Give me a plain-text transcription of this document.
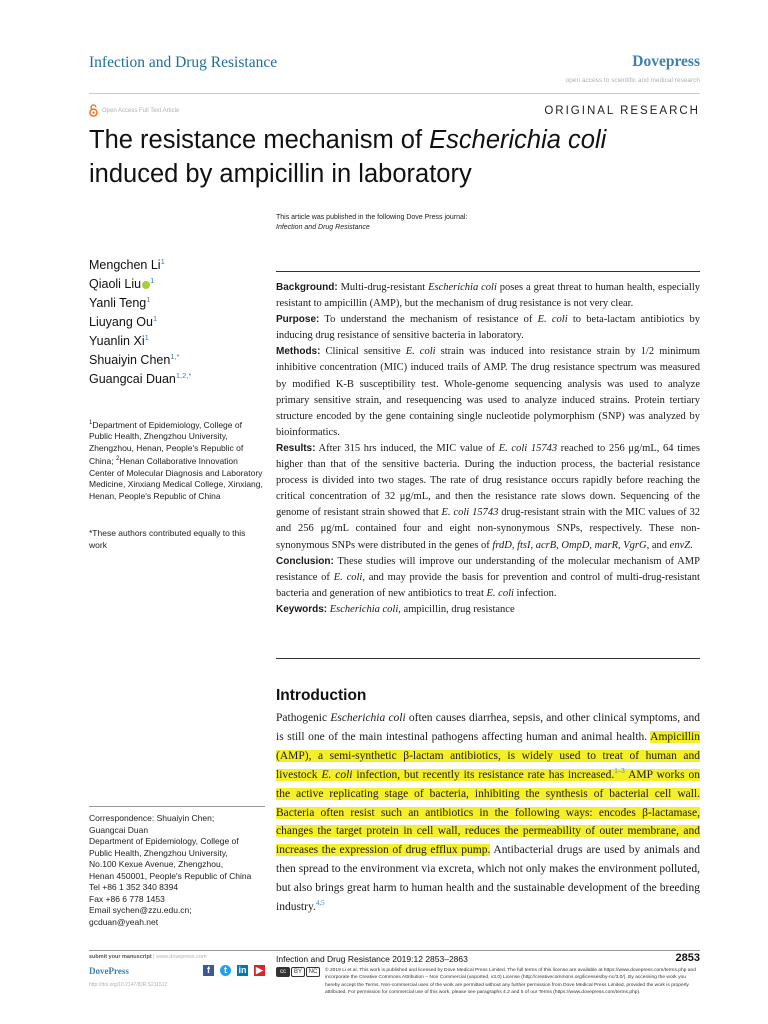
Infection and Drug Resistance	Dovepress
open access to scientific and medical research
Open Access Full Text Article	ORIGINAL RESEARCH
The resistance mechanism of Escherichia coli
induced by ampicillin in laboratory
This article was published in the following Dove Press journal:
Infection and Drug Resistance
Mengchen Li$^1$
Qiaoli Liu $^1$
Yanli Teng$^1$
Liuyang Ou$^1$
Yuanlin Xi$^1$
Shuaiyin Chen$^{1,*}$
Guangcai Duan$^{1,2,*}$
$^1$Department of Epidemiology, College of Public Health, Zhengzhou University, Zhengzhou, Henan, People's Republic of China; $^2$Henan Collaborative Innovation Center of Molecular Diagnosis and Laboratory Medicine, Xinxiang Medical College, Xinxiang, Henan, People's Republic of China
*These authors contributed equally to this work
Correspondence: Shuaiyin Chen;
Guangcai Duan
Department of Epidemiology, College of
Public Health, Zhengzhou University,
No.100 Kexue Avenue, Zhengzhou,
Henan 450001, People's Republic of China
Tel +86 1 352 340 8394
Fax +86 6 778 1453
Email sychen@zzu.edu.cn;
gcduan@yeah.net

Background: Multi-drug-resistant Escherichia coli poses a great threat to human health, especially resistant to ampicillin (AMP), but the mechanism of drug resistance is not very clear.

Purpose: To understand the mechanism of resistance of E. coli to beta-lactam antibiotics by inducing drug resistance of sensitive bacteria in laboratory.

Methods: Clinical sensitive E. coli strain was induced into resistance strain by 1/2 minimum inhibitive concentration (MIC) induced trails of AMP. The drug resistance spectrum was measured by modified K-B susceptibility test. Whole-genome sequencing analysis was used to analyze primary sensitive strain, and resequencing was used to analyze induced strains. Protein tertiary structure encoded by the gene containing single nucleotide polymorphism (SNP) was analyzed by bioinformatics.

Results: After 315 hrs induced, the MIC value of E. coli 15743 reached to 256 μg/mL, 64 times higher than that of the sensitive bacteria. During the induction process, the bacterial resistance process is divided into two stages. The rate of drug resistance occurs rapidly before reaching the critical concentration of 32 μg/mL, and then the resistance rate slows down. Sequencing of the genome of resistant strain showed that E. coli 15743 drug-resistant strain with the MIC values of 32 and 256 μg/mL contained four and eight non-synonymous SNPs, respectively. These non-synonymous SNPs were distributed in the genes of frdD, ftsI, acrB, OmpD, marR, VgrG, and envZ.

Conclusion: These studies will improve our understanding of the molecular mechanism of AMP resistance of E. coli, and may provide the basis for prevention and control of multi-drug-resistant bacteria and generation of new antibiotics to treat E. coli infection.

Keywords: Escherichia coli, ampicillin, drug resistance

Introduction
Pathogenic Escherichia coli often causes diarrhea, sepsis, and other clinical symptoms, and is still one of the main intestinal pathogens affecting human and animal health. Ampicillin (AMP), a semi-synthetic β-lactam antibiotics, is widely used to treat of human and livestock E. coli infection, but recently its resistance rate has increased.$^{1-3}$ AMP works on the active replicating stage of bacteria, inhibiting the synthesis of bacterial cell wall. Bacteria often resist such an antibiotics in the following ways: encodes β-lactamase, changes the target protein in cell wall, reduces the permeability of outer membrane, and increases the expression of drug efflux pump. Antibacterial drugs are used by animals and then spread to the environment via excreta, which not only makes the environment polluted, but also brings great harm to human health and the sustainable development of the breeding industry.$^{4,5}$
submit your manuscript | www.dovepress.com
DovePress	f	t	in ▶
http://doi.org/10.2147/IDR.S211512
Infection and Drug Resistance 2019:12 2853–2863	2853
cc	BY	NC	© 2019 Li et al. This work is published and licensed by Dove Medical Press Limited. The full terms of this license are available at https://www.dovepress.com/terms.php and incorporate the Creative Commons Attribution – Non Commercial (unported, v3.0) License (http://creativecommons.org/licenses/by-nc/3.0/). By accessing the work you hereby accept the Terms. Non-commercial uses of the work are permitted without any further permission from Dove Medical Press Limited, provided the work is properly attributed. For permission for commercial use of this work, please see paragraphs 4.2 and 5 of our Terms (https://www.dovepress.com/terms.php).
